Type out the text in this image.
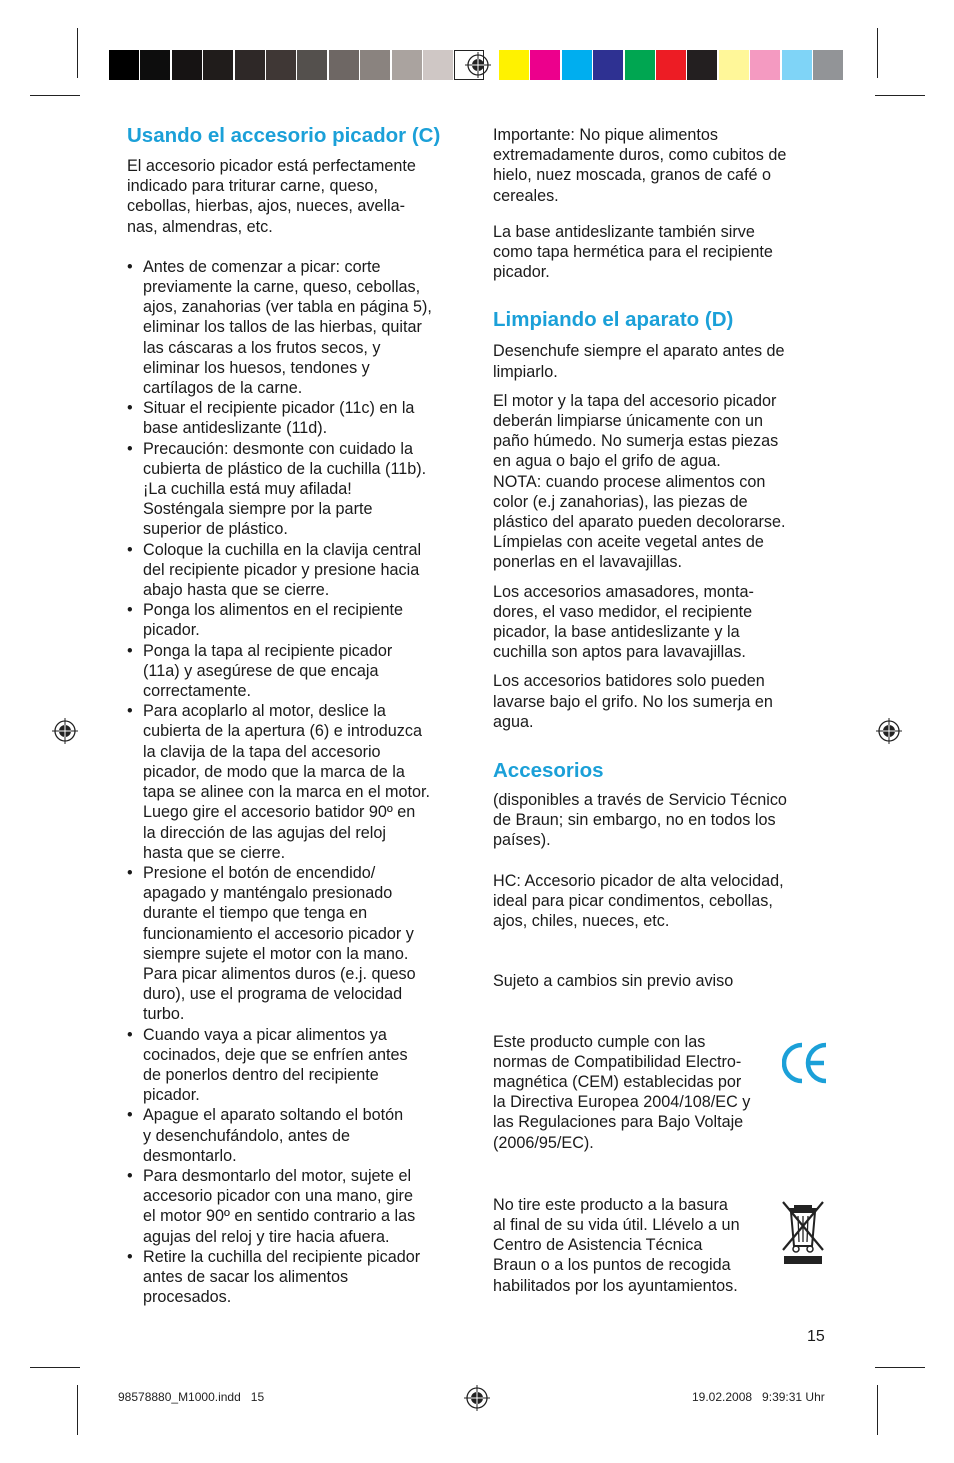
Usando el accesorio picador (C)

El accesorio picador está perfectamente
indicado para triturar carne, queso,
cebollas, hierbas, ajos, nueces, avella-
nas, almendras, etc.

• Antes de comenzar a picar: corte
previamente la carne, queso, cebollas,
ajos, zanahorias (ver tabla en página 5),
eliminar los tallos de las hierbas, quitar
las cáscaras a los frutos secos, y
eliminar los huesos, tendones y
cartílagos de la carne.
• Situar el recipiente picador (11c) en la
base antideslizante (11d).
• Precaución: desmonte con cuidado la
cubierta de plástico de la cuchilla (11b).
¡La cuchilla está muy afilada!
Sosténgala siempre por la parte
superior de plástico.
• Coloque la cuchilla en la clavija central
del recipiente picador y presione hacia
abajo hasta que se cierre.
• Ponga los alimentos en el recipiente
picador.
• Ponga la tapa al recipiente picador
(11a) y asegúrese de que encaja
correctamente.
• Para acoplarlo al motor, deslice la
cubierta de la apertura (6) e introduzca
la clavija de la tapa del accesorio
picador, de modo que la marca de la
tapa se alinee con la marca en el motor.
Luego gire el accesorio batidor 90º en
la dirección de las agujas del reloj
hasta que se cierre.
• Presione el botón de encendido/
apagado y manténgalo presionado
durante el tiempo que tenga en
funcionamiento el accesorio picador y
siempre sujete el motor con la mano.
Para picar alimentos duros (e.j. queso
duro), use el programa de velocidad
turbo.
• Cuando vaya a picar alimentos ya
cocinados, deje que se enfríen antes
de ponerlos dentro del recipiente
picador.
• Apague el aparato soltando el botón
y desenchufándolo, antes de
desmontarlo.
• Para desmontarlo del motor, sujete el
accesorio picador con una mano, gire
el motor 90º en sentido contrario a las
agujas del reloj y tire hacia afuera.
• Retire la cuchilla del recipiente picador
antes de sacar los alimentos
procesados.

Importante: No pique alimentos
extremadamente duros, como cubitos de
hielo, nuez moscada, granos de café o
cereales.

La base antideslizante también sirve
como tapa hermética para el recipiente
picador.

Limpiando el aparato (D)

Desenchufe siempre el aparato antes de
limpiarlo.

El motor y la tapa del accesorio picador
deberán limpiarse únicamente con un
paño húmedo. No sumerja estas piezas
en agua o bajo el grifo de agua.
NOTA: cuando procese alimentos con
color (e.j zanahorias), las piezas de
plástico del aparato pueden decolorarse.
Límpielas con aceite vegetal antes de
ponerlas en el lavavajillas.

Los accesorios amasadores, monta-
dores, el vaso medidor, el recipiente
picador, la base antideslizante y la
cuchilla son aptos para lavavajillas.

Los accesorios batidores solo pueden
lavarse bajo el grifo. No los sumerja en
agua.

Accesorios

(disponibles a través de Servicio Técnico
de Braun; sin embargo, no en todos los
países).

HC: Accesorio picador de alta velocidad,
ideal para picar condimentos, cebollas,
ajos, chiles, nueces, etc.

Sujeto a cambios sin previo aviso

Este producto cumple con las
normas de Compatibilidad Electro-
magnética (CEM) establecidas por
la Directiva Europea 2004/108/EC y
las Regulaciones para Bajo Voltaje
(2006/95/EC).

No tire este producto a la basura
al final de su vida útil. Llévelo a un
Centro de Asistencia Técnica
Braun o a los puntos de recogida
habilitados por los ayuntamientos.

15
98578880_M1000.indd   15	19.02.2008   9:39:31 Uhr
